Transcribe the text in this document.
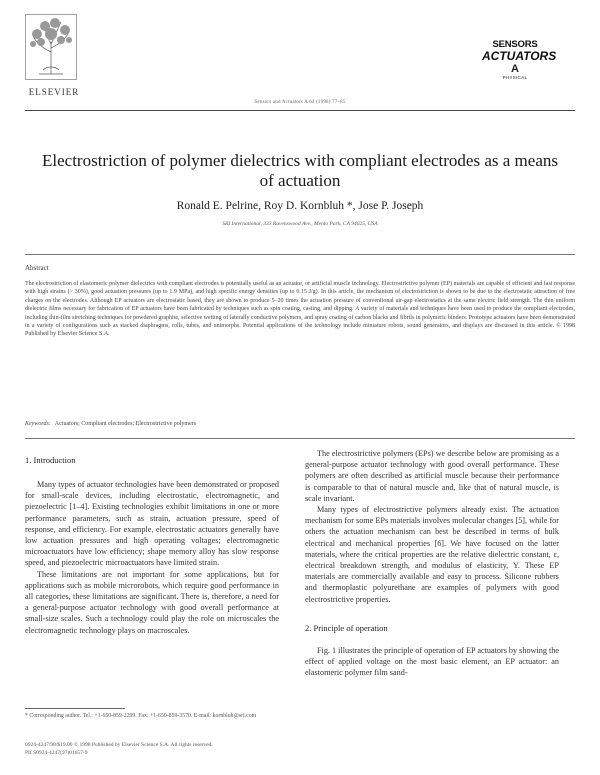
ELSEVIER
Sensors and Actuators A 64 (1998) 77–85
SENSORS
ACTUATORS
A
PHYSICAL
Electrostriction of polymer dielectrics with compliant electrodes as a means of actuation
Ronald E. Pelrine, Roy D. Kornbluh *, Jose P. Joseph
SRI International, 333 Ravenswood Ave., Menlo Park, CA 94025, USA
Abstract
The electrostriction of elastomeric polymer dielectrics with compliant electrodes is potentially useful as an actuator, or artificial muscle technology. Electrostrictive polymer (EP) materials are capable of efficient and fast response with high strains (> 30%), good actuation pressures (up to 1.9 MPa), and high specific energy densities (up to 0.15 J/g). In this article, the mechanism of electrostriction is shown to be due to the electrostatic attraction of free charges on the electrodes. Although EP actuators are electrostatic based, they are shown to produce 5–20 times the actuation pressure of conventional air-gap electrostatics at the same electric field strength. The thin uniform dielectric films necessary for fabrication of EP actuators have been fabricated by techniques such as spin coating, casting, and dipping. A variety of materials and techniques have been used to produce the compliant electrodes, including thin-film stretching techniques for powdered graphite, selective wetting of laterally conductive polymers, and spray coating of carbon blacks and fibrils in polymeric binders. Prototype actuators have been demonstrated in a variety of configurations such as stacked diaphragms, rolls, tubes, and unimorphs. Potential applications of the technology include miniature robots, sound generators, and displays are discussed in this article. © 1998 Published by Elsevier Science S.A.
Keywords: Actuators; Compliant electrodes; Electrostrictive polymers
1. Introduction

Many types of actuator technologies have been demonstrated or proposed for small-scale devices, including electrostatic, electromagnetic, and piezoelectric [1–4]. Existing technologies exhibit limitations in one or more performance parameters, such as strain, actuation pressure, speed of response, and efficiency. For example, electrostatic actuators generally have low actuation pressures and high operating voltages; electromagnetic microactuators have low efficiency; shape memory alloy has slow response speed, and piezoelectric microactuators have limited strain.

These limitations are not important for some applications, but for applications such as mobile microrobots, which require good performance in all categories, these limitations are significant. There is, therefore, a need for a general-purpose actuator technology with good overall performance at small-size scales. Such a technology could play the role on microscales the electromagnetic technology plays on macroscales.

The electrostrictive polymers (EPs) we describe below are promising as a general-purpose actuator technology with good overall performance. These polymers are often described as artificial muscle because their performance is comparable to that of natural muscle and, like that of natural muscle, is scale invariant.

Many types of electrostrictive polymers already exist. The actuation mechanism for some EPs materials involves molecular changes [5], while for others the actuation mechanism can best be described in terms of bulk electrical and mechanical properties [6]. We have focused on the latter materials, where the critical properties are the relative dielectric constant, ε, electrical breakdown strength, and modulus of elasticity, Y. These EP materials are commercially available and easy to process. Silicone rubbers and thermoplastic polyurethane are examples of polymers with good electrostrictive properties.

2. Principle of operation

Fig. 1 illustrates the principle of operation of EP actuators by showing the effect of applied voltage on the most basic element, an EP actuator: an elastomeric polymer film sand-

* Corresponding author. Tel.: +1-650-859-2299. Fax: +1-650-859-3570. E-mail: kornbluh@sri.com
0924-4247/98/$19.00 © 1998 Published by Elsevier Science S.A. All rights reserved.
PII S0924-4247(97)01657-9
